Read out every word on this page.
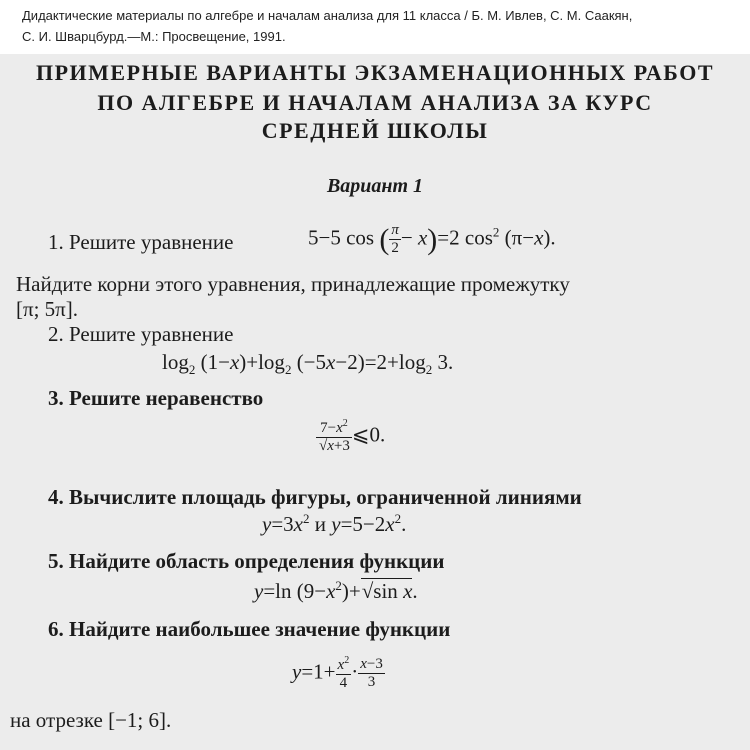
Дидактические материалы по алгебре и началам анализа для 11 класса / Б. М. Ивлев, С. М. Саакян,
С. И. Шварцбурд.—М.: Просвещение, 1991.
ПРИМЕРНЫЕ ВАРИАНТЫ ЭКЗАМЕНАЦИОННЫХ РАБОТ
ПО АЛГЕБРЕ И НАЧАЛАМ АНАЛИЗА ЗА КУРС
СРЕДНЕЙ ШКОЛЫ
Вариант 1
1. Решите уравнение	5−5 cos ( $\frac{\pi}{2} - x)=2$ $\cos^2 (\pi-x)$.
Найдите корни этого уравнения, принадлежащие промежутку
[π; 5π].
2. Решите уравнение
$\log_2 (1-x)+\log_2$ $(-5x-2)=2+\log_2$ 3.
3. Решите неравенство
$\frac{7-x^2}{√x+3}$ ⩽0.
4. Вычислите площадь фигуры, ограниченной линиями
$y=3x^2$ и $y=5-2x^2$.
5. Найдите область определения функции
y=ln $(9-x^2)+√\sin$ x.
6. Найдите наибольшее значение функции
$y=1+ \frac{x^2}{4} \cdot \frac{x-3}{3}$
на отрезке [−1; 6].
